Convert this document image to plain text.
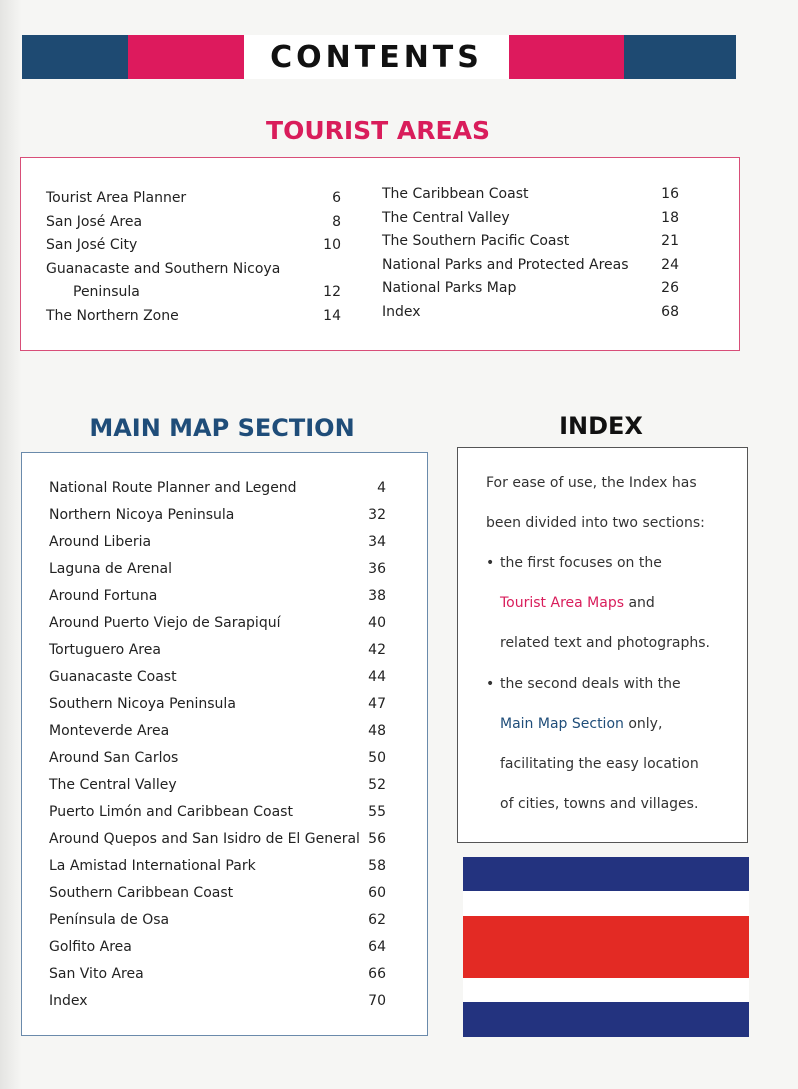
CONTENTS
TOURIST AREAS
Tourist Area Planner	6
San José Area	8
San José City	10
Guanacaste and Southern Nicoya
Peninsula	12
The Northern Zone	14
The Caribbean Coast	16
The Central Valley	18
The Southern Pacific Coast	21
National Parks and Protected Areas 24
National Parks Map	26
Index	68
MAIN MAP SECTION
National Route Planner and Legend	4
Northern Nicoya Peninsula	32
Around Liberia	34
Laguna de Arenal	36
Around Fortuna	38
Around Puerto Viejo de Sarapiquí	40
Tortuguero Area	42
Guanacaste Coast	44
Southern Nicoya Peninsula	47
Monteverde Area	48
Around San Carlos	50
The Central Valley	52
Puerto Limón and Caribbean Coast	55
Around Quepos and San Isidro de El General 56
La Amistad International Park	58
Southern Caribbean Coast	60
Península de Osa	62
Golfito Area	64
San Vito Area	66
Index	70
INDEX
For ease of use, the Index has
been divided into two sections:
• the first focuses on the
Tourist Area Maps and
related text and photographs.
• the second deals with the
Main Map Section only,
facilitating the easy location
of cities, towns and villages.
